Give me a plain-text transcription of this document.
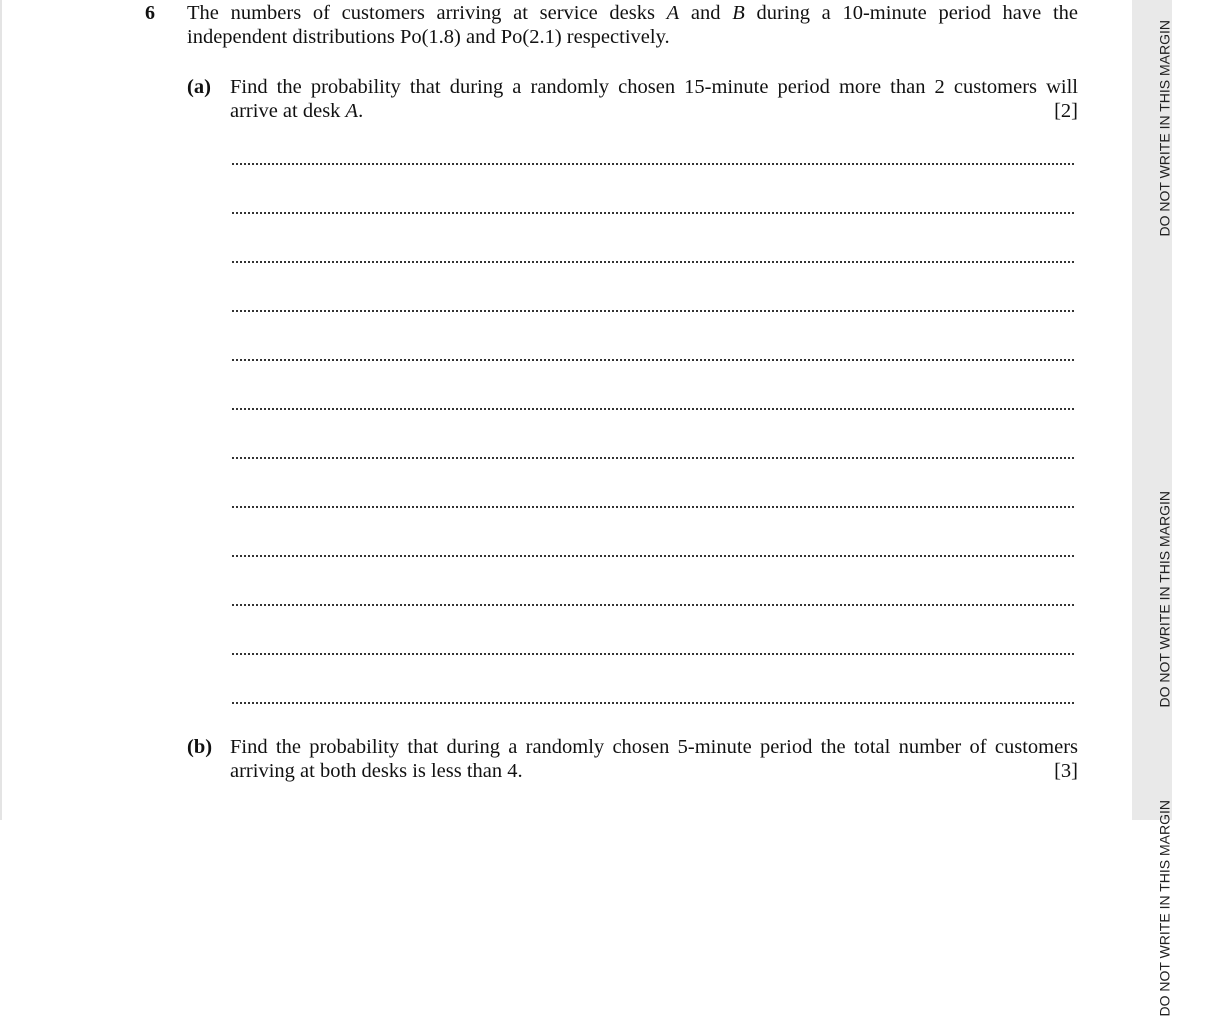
6 The numbers of customers arriving at service desks A and B during a 10-minute period have the
independent distributions Po(1.8) and Po(2.1) respectively.
(a) Find the probability that during a randomly chosen 15-minute period more than 2 customers will
arrive at desk A.	[2]
(b) Find the probability that during a randomly chosen 5-minute period the total number of customers
arriving at both desks is less than 4.	[3]
DO NOT WRITE IN THIS MARGIN
DO NOT WRITE IN THIS MARGIN
DO NOT WRITE IN THIS MARGIN
